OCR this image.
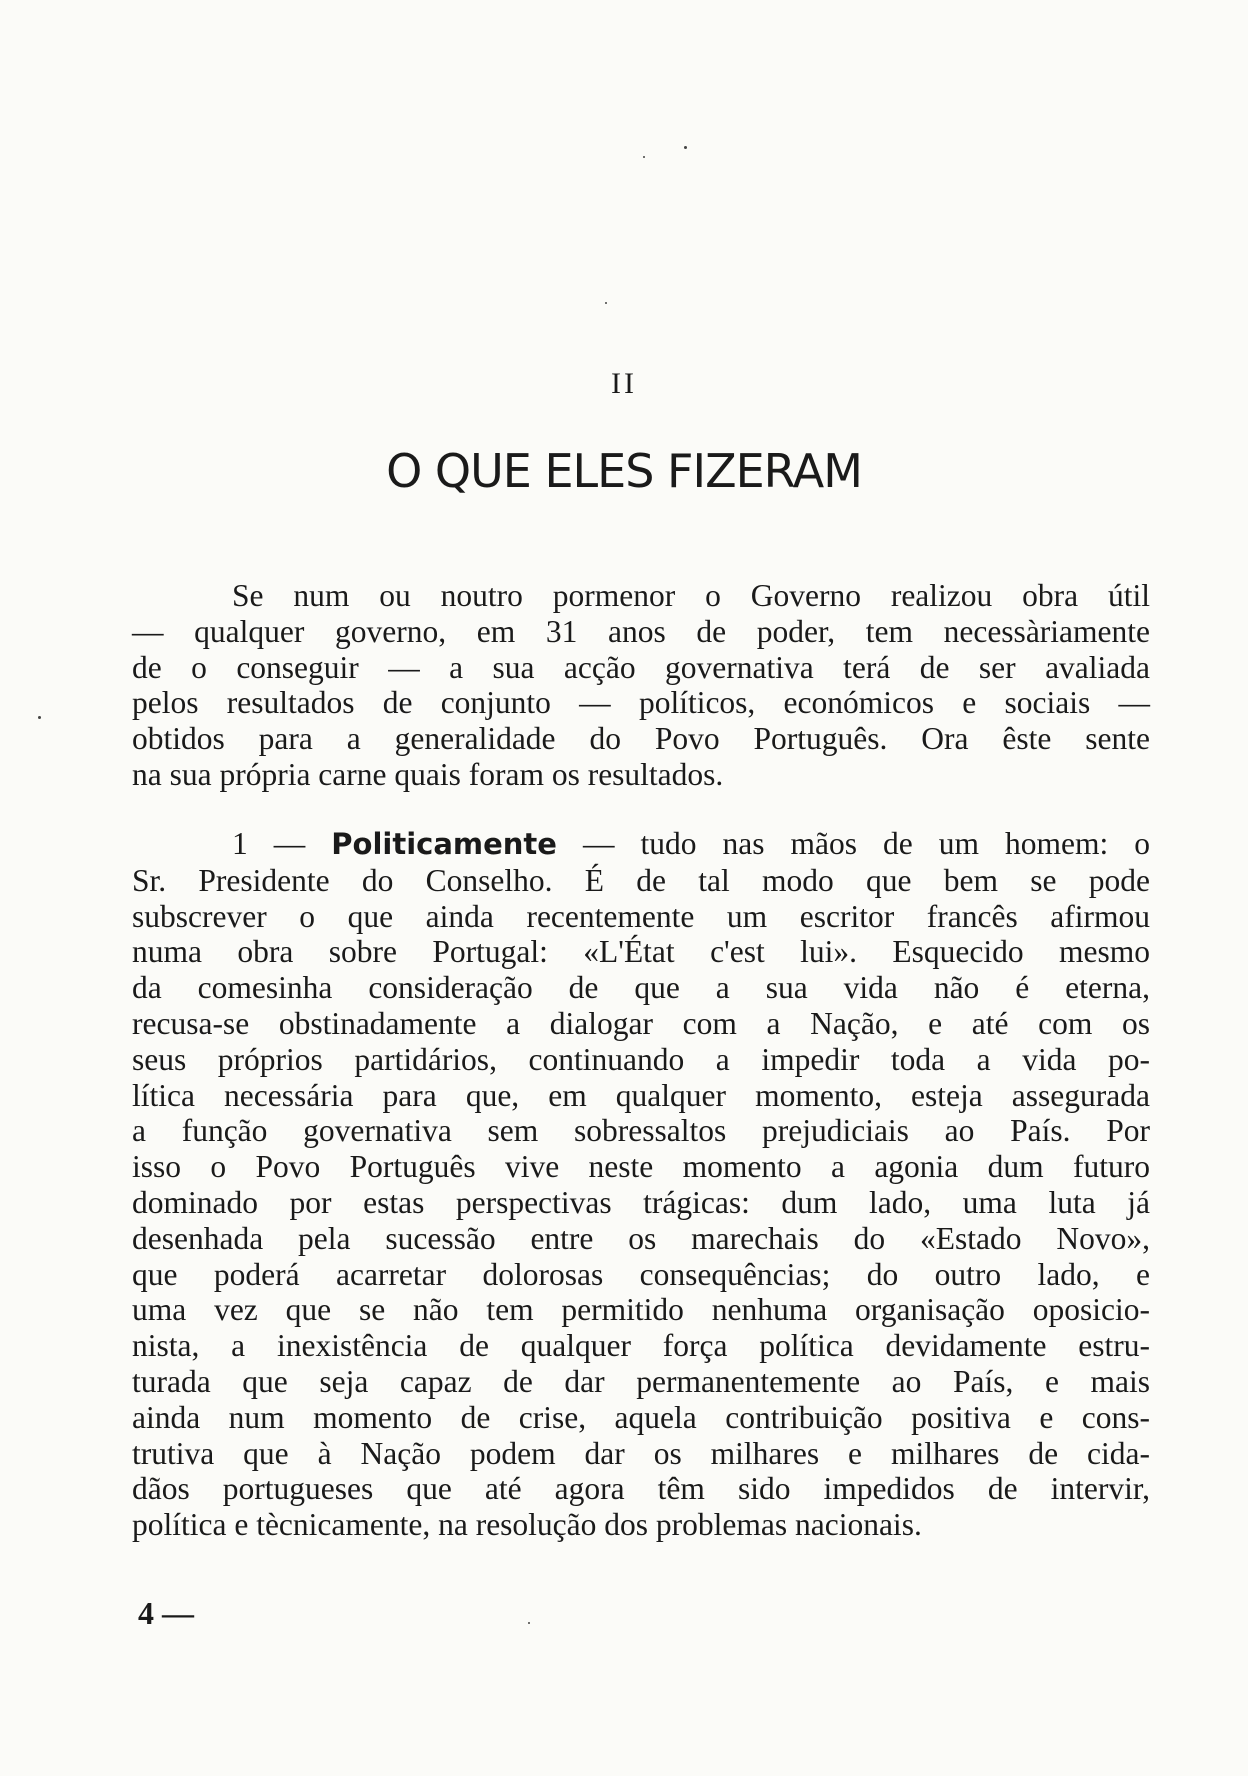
II
O QUE ELES FIZERAM
Se num ou noutro pormenor o Governo realizou obra útil
— qualquer governo, em 31 anos de poder, tem necessàriamente
de o conseguir — a sua acção governativa terá de ser avaliada
pelos resultados de conjunto — políticos, económicos e sociais —
obtidos para a generalidade do Povo Português. Ora êste sente
na sua própria carne quais foram os resultados.
1 — Politicamente — tudo nas mãos de um homem: o
Sr. Presidente do Conselho. É de tal modo que bem se pode
subscrever o que ainda recentemente um escritor francês afirmou
numa obra sobre Portugal: «L'État c'est lui». Esquecido mesmo
da comesinha consideração de que a sua vida não é eterna,
recusa-se obstinadamente a dialogar com a Nação, e até com os
seus próprios partidários, continuando a impedir toda a vida po-
lítica necessária para que, em qualquer momento, esteja assegurada
a função governativa sem sobressaltos prejudiciais ao País. Por
isso o Povo Português vive neste momento a agonia dum futuro
dominado por estas perspectivas trágicas: dum lado, uma luta já
desenhada pela sucessão entre os marechais do «Estado Novo»,
que poderá acarretar dolorosas consequências; do outro lado, e
uma vez que se não tem permitido nenhuma organisação oposicio-
nista, a inexistência de qualquer força política devidamente estru-
turada que seja capaz de dar permanentemente ao País, e mais
ainda num momento de crise, aquela contribuição positiva e cons-
trutiva que à Nação podem dar os milhares e milhares de cida-
dãos portugueses que até agora têm sido impedidos de intervir,
política e tècnicamente, na resolução dos problemas nacionais.
4 —
